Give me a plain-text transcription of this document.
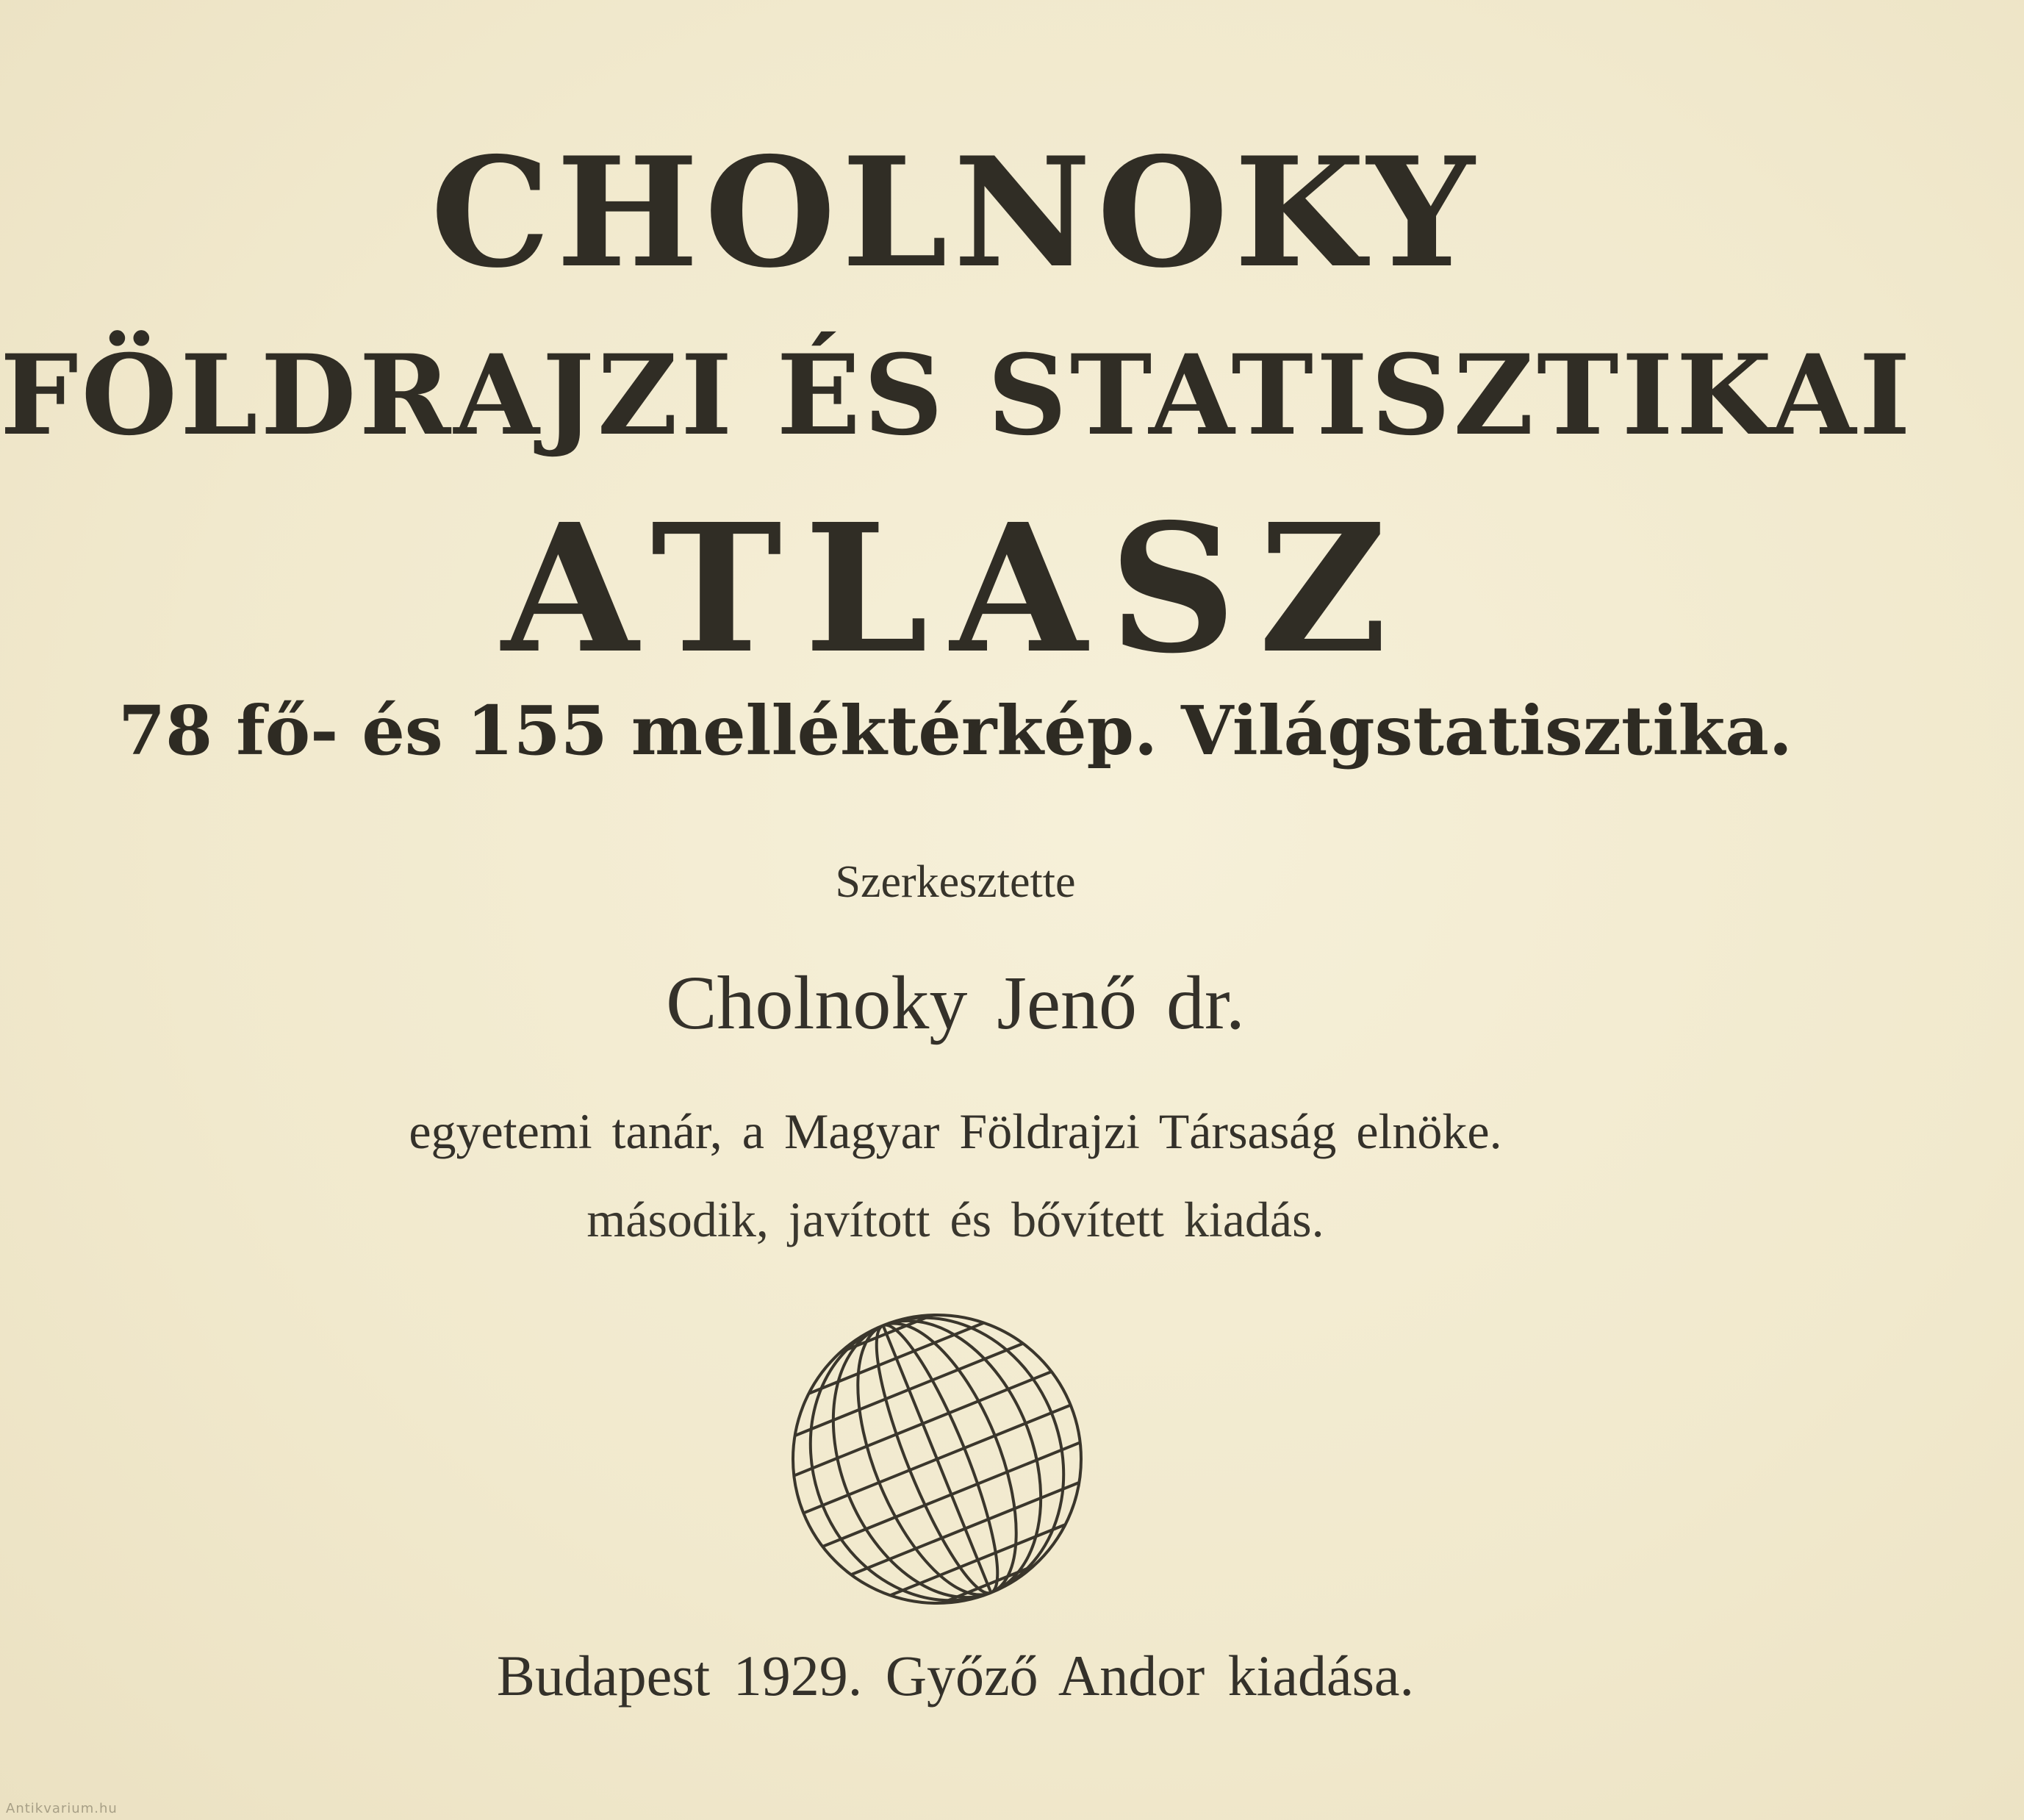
CHOLNOKY
FÖLDRAJZI ÉS STATISZTIKAI
ATLASZ
78 fő- és 155 melléktérkép. Világstatisztika.
Szerkesztette
Cholnoky Jenő dr.
egyetemi tanár, a Magyar Földrajzi Társaság elnöke.
második, javított és bővített kiadás.
Budapest 1929. Győző Andor kiadása.
Antikvarium.hu
